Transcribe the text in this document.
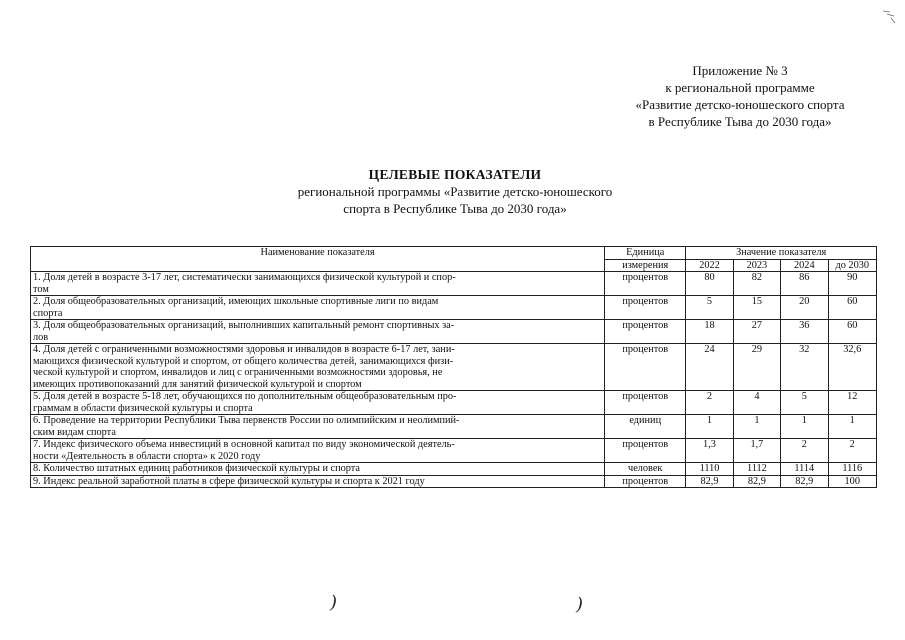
Приложение № 3
к региональной программе
«Развитие детско-юношеского спорта
в Республике Тыва до 2030 года»
ЦЕЛЕВЫЕ ПОКАЗАТЕЛИ
региональной программы «Развитие детско-юношеского
спорта в Республике Тыва до 2030 года»
Наименование показателя	Единица	Значение показателя			
	измерения	2022	2023	2024	до 2030
1. Доля детей в возрасте 3-17 лет, систематически занимающихся физической культурой и спор-
том	процентов	80	82	86	90
2. Доля общеобразовательных организаций, имеющих школьные спортивные лиги по видам
спорта	процентов	5	15	20	60
3. Доля общеобразовательных организаций, выполнивших капитальный ремонт спортивных за-
лов	процентов	18	27	36	60
4. Доля детей с ограниченными возможностями здоровья и инвалидов в возрасте 6-17 лет, зани-
мающихся физической культурой и спортом, от общего количества детей, занимающихся физи-
ческой культурой и спортом, инвалидов и лиц с ограниченными возможностями здоровья, не
имеющих противопоказаний для занятий физической культурой и спортом	процентов	24	29	32	32,6
5. Доля детей в возрасте 5-18 лет, обучающихся по дополнительным общеобразовательным про-
граммам в области физической культуры и спорта	процентов	2	4	5	12
6. Проведение на территории Республики Тыва первенств России по олимпийским и неолимпий-
ским видам спорта	единиц	1	1	1	1
7. Индекс физического объема инвестиций в основной капитал по виду экономической деятель-
ности «Деятельность в области спорта» к 2020 году	процентов	1,3	1,7	2	2
8. Количество штатных единиц работников физической культуры и спорта	человек	1110	1112	1114	1116
9. Индекс реальной заработной платы в сфере физической культуры и спорта к 2021 году	процентов	82,9	82,9	82,9	100
)	)
